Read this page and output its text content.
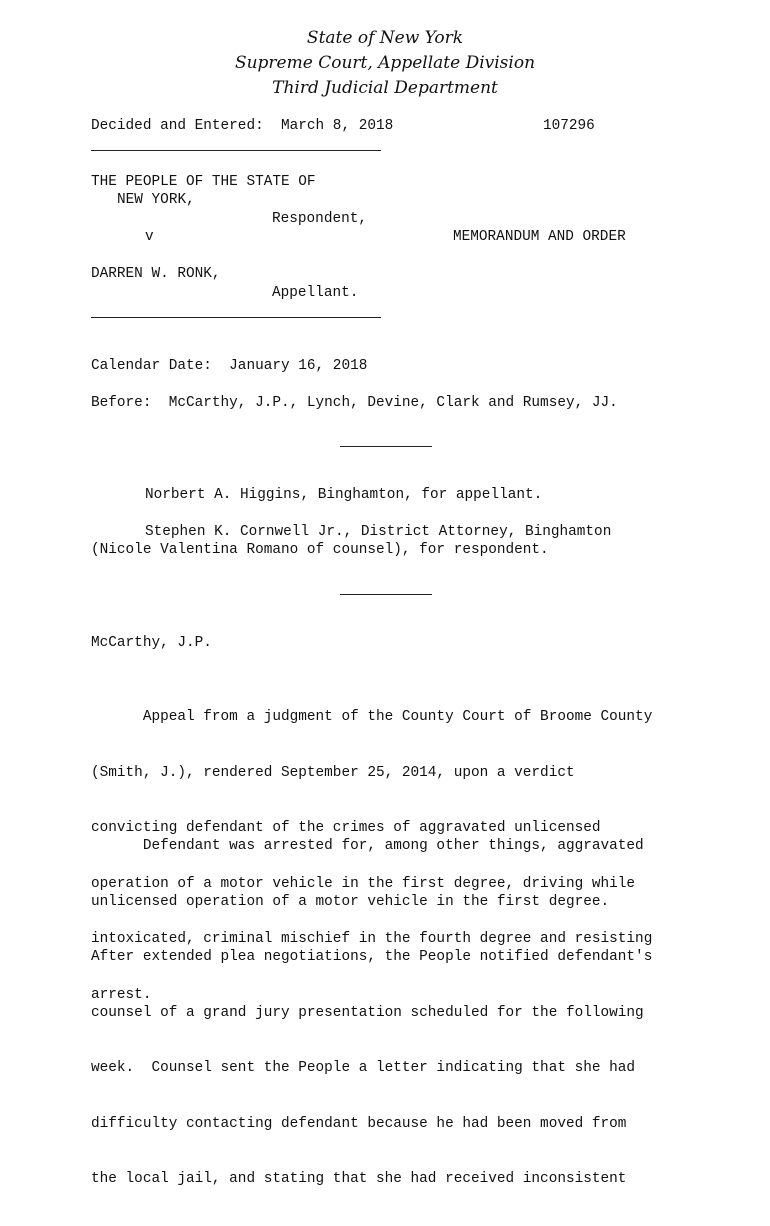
State of New York
Supreme Court, Appellate Division
Third Judicial Department
Decided and Entered:  March 8, 2018	107296
THE PEOPLE OF THE STATE OF
NEW YORK,
Respondent,
v	MEMORANDUM AND ORDER
DARREN W. RONK,
Appellant.
Calendar Date:  January 16, 2018
Before:  McCarthy, J.P., Lynch, Devine, Clark and Rumsey, JJ.
Norbert A. Higgins, Binghamton, for appellant.
Stephen K. Cornwell Jr., District Attorney, Binghamton
(Nicole Valentina Romano of counsel), for respondent.
McCarthy, J.P.

Appeal from a judgment of the County Court of Broome County

(Smith, J.), rendered September 25, 2014, upon a verdict

convicting defendant of the crimes of aggravated unlicensed

operation of a motor vehicle in the first degree, driving while

intoxicated, criminal mischief in the fourth degree and resisting

arrest.

Defendant was arrested for, among other things, aggravated

unlicensed operation of a motor vehicle in the first degree.

After extended plea negotiations, the People notified defendant's

counsel of a grand jury presentation scheduled for the following

week.  Counsel sent the People a letter indicating that she had

difficulty contacting defendant because he had been moved from

the local jail, and stating that she had received inconsistent
